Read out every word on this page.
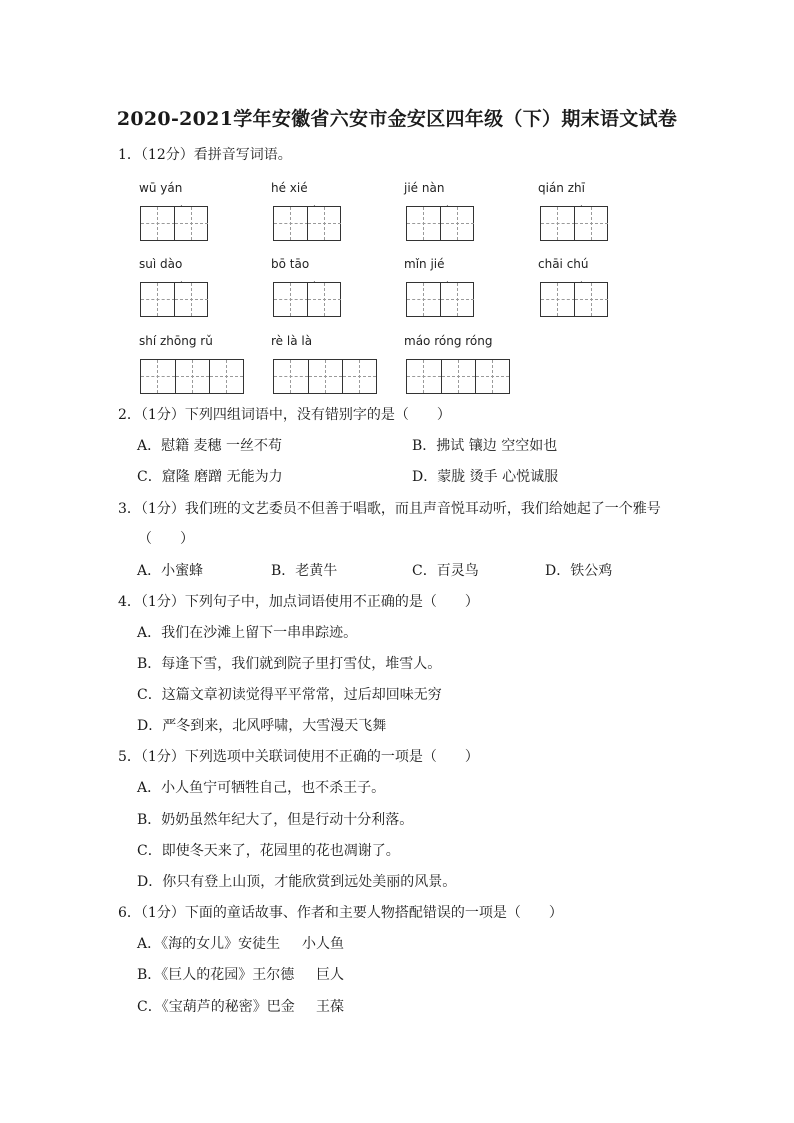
2020-2021学年安徽省六安市金安区四年级（下）期末语文试卷
1．（12分）看拼音写词语。
wū yán	hé xié	jié nàn	qián zhī
·	·	·	·
suì dào	bō tāo	mǐn jié	chāi chú
·	·	·	·
shí zhōng rǔ	rè là là	máo róng róng
2．（1分）下列四组词语中，没有错别字的是（　　）
A．慰籍 麦穗 一丝不苟	B．拂试 镶边 空空如也
C．窟隆 磨蹭 无能为力	D．蒙胧 烫手 心悦诚服
3．（1分）我们班的文艺委员不但善于唱歌，而且声音悦耳动听，我们给她起了一个雅号
（　　）
A．小蜜蜂	B．老黄牛	C．百灵鸟	D．铁公鸡
4．（1分）下列句子中，加点词语使用不正确的是（　　）
A．我们在沙滩上留下一串串踪迹。
B．每逢下雪，我们就到院子里打雪仗，堆雪人。
C．这篇文章初读觉得平平常常，过后却回味无穷
D．严冬到来，北风呼啸，大雪漫天飞舞
5．（1分）下列选项中关联词使用不正确的一项是（　　）
A．小人鱼宁可牺牲自己，也不杀王子。
B．奶奶虽然年纪大了，但是行动十分利落。
C．即使冬天来了，花园里的花也凋谢了。
D．你只有登上山顶，才能欣赏到远处美丽的风景。
6．（1分）下面的童话故事、作者和主要人物搭配错误的一项是（　　）
A．《海的女儿》安徒生 小人鱼
B．《巨人的花园》王尔德 巨人
C．《宝葫芦的秘密》巴金 王葆
